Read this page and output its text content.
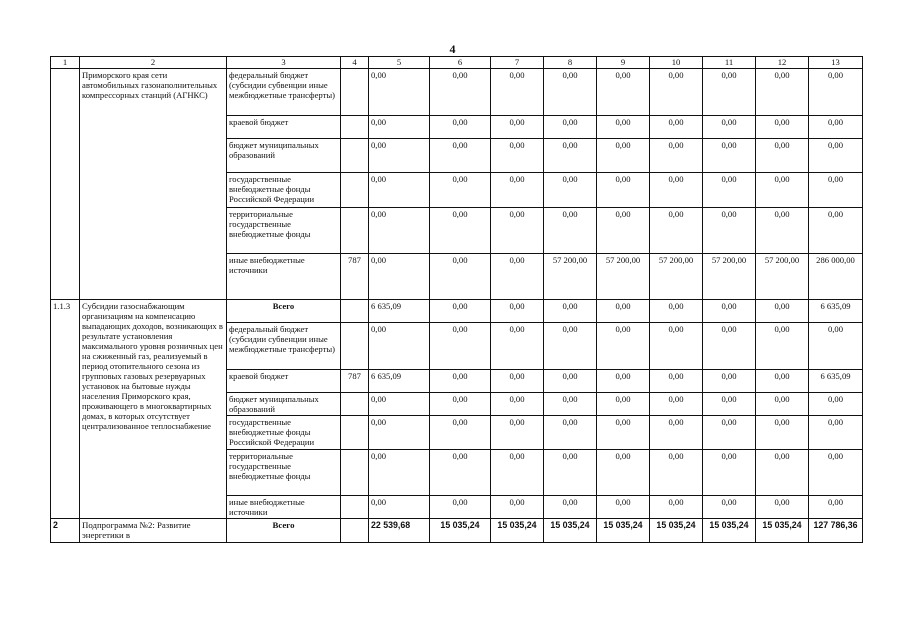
4
1	2	3	4	5	6	7	8	9	10	11	12	13
	Приморского края сети автомобильных газонаполнительных компрессорных станций (АГНКС)	федеральный бюджет (субсидии субвенции иные межбюджетные трансферты)		0,00	0,00	0,00	0,00	0,00	0,00	0,00	0,00	0,00
		краевой бюджет		0,00	0,00	0,00	0,00	0,00	0,00	0,00	0,00	0,00
		бюджет муниципальных образований		0,00	0,00	0,00	0,00	0,00	0,00	0,00	0,00	0,00
		государственные внебюджетные фонды Российской Федерации		0,00	0,00	0,00	0,00	0,00	0,00	0,00	0,00	0,00
		территориальные государственные внебюджетные фонды		0,00	0,00	0,00	0,00	0,00	0,00	0,00	0,00	0,00
		иные внебюджетные источники	787	0,00	0,00	0,00	57 200,00	57 200,00	57 200,00	57 200,00	57 200,00	286 000,00
1.1.3	Субсидии газоснабжающим организациям на компенсацию выпадающих доходов, возникающих в результате установления максимального уровня розничных цен на сжиженный газ, реализуемый в период отопительного сезона из групповых газовых резервуарных установок на бытовые нужды населения Приморского края, проживающего в многоквартирных домах, в которых отсутствует централизованное теплоснабжение	Всего		6 635,09	0,00	0,00	0,00	0,00	0,00	0,00	0,00	6 635,09
		федеральный бюджет (субсидии субвенции иные межбюджетные трансферты)		0,00	0,00	0,00	0,00	0,00	0,00	0,00	0,00	0,00
		краевой бюджет	787	6 635,09	0,00	0,00	0,00	0,00	0,00	0,00	0,00	6 635,09
		бюджет муниципальных образований		0,00	0,00	0,00	0,00	0,00	0,00	0,00	0,00	0,00
		государственные внебюджетные фонды Российской Федерации		0,00	0,00	0,00	0,00	0,00	0,00	0,00	0,00	0,00
		территориальные государственные внебюджетные фонды		0,00	0,00	0,00	0,00	0,00	0,00	0,00	0,00	0,00
		иные внебюджетные источники		0,00	0,00	0,00	0,00	0,00	0,00	0,00	0,00	0,00
2	Подпрограмма №2: Развитие энергетики в	Всего		22 539,68	15 035,24	15 035,24	15 035,24	15 035,24	15 035,24	15 035,24	15 035,24	127 786,36
